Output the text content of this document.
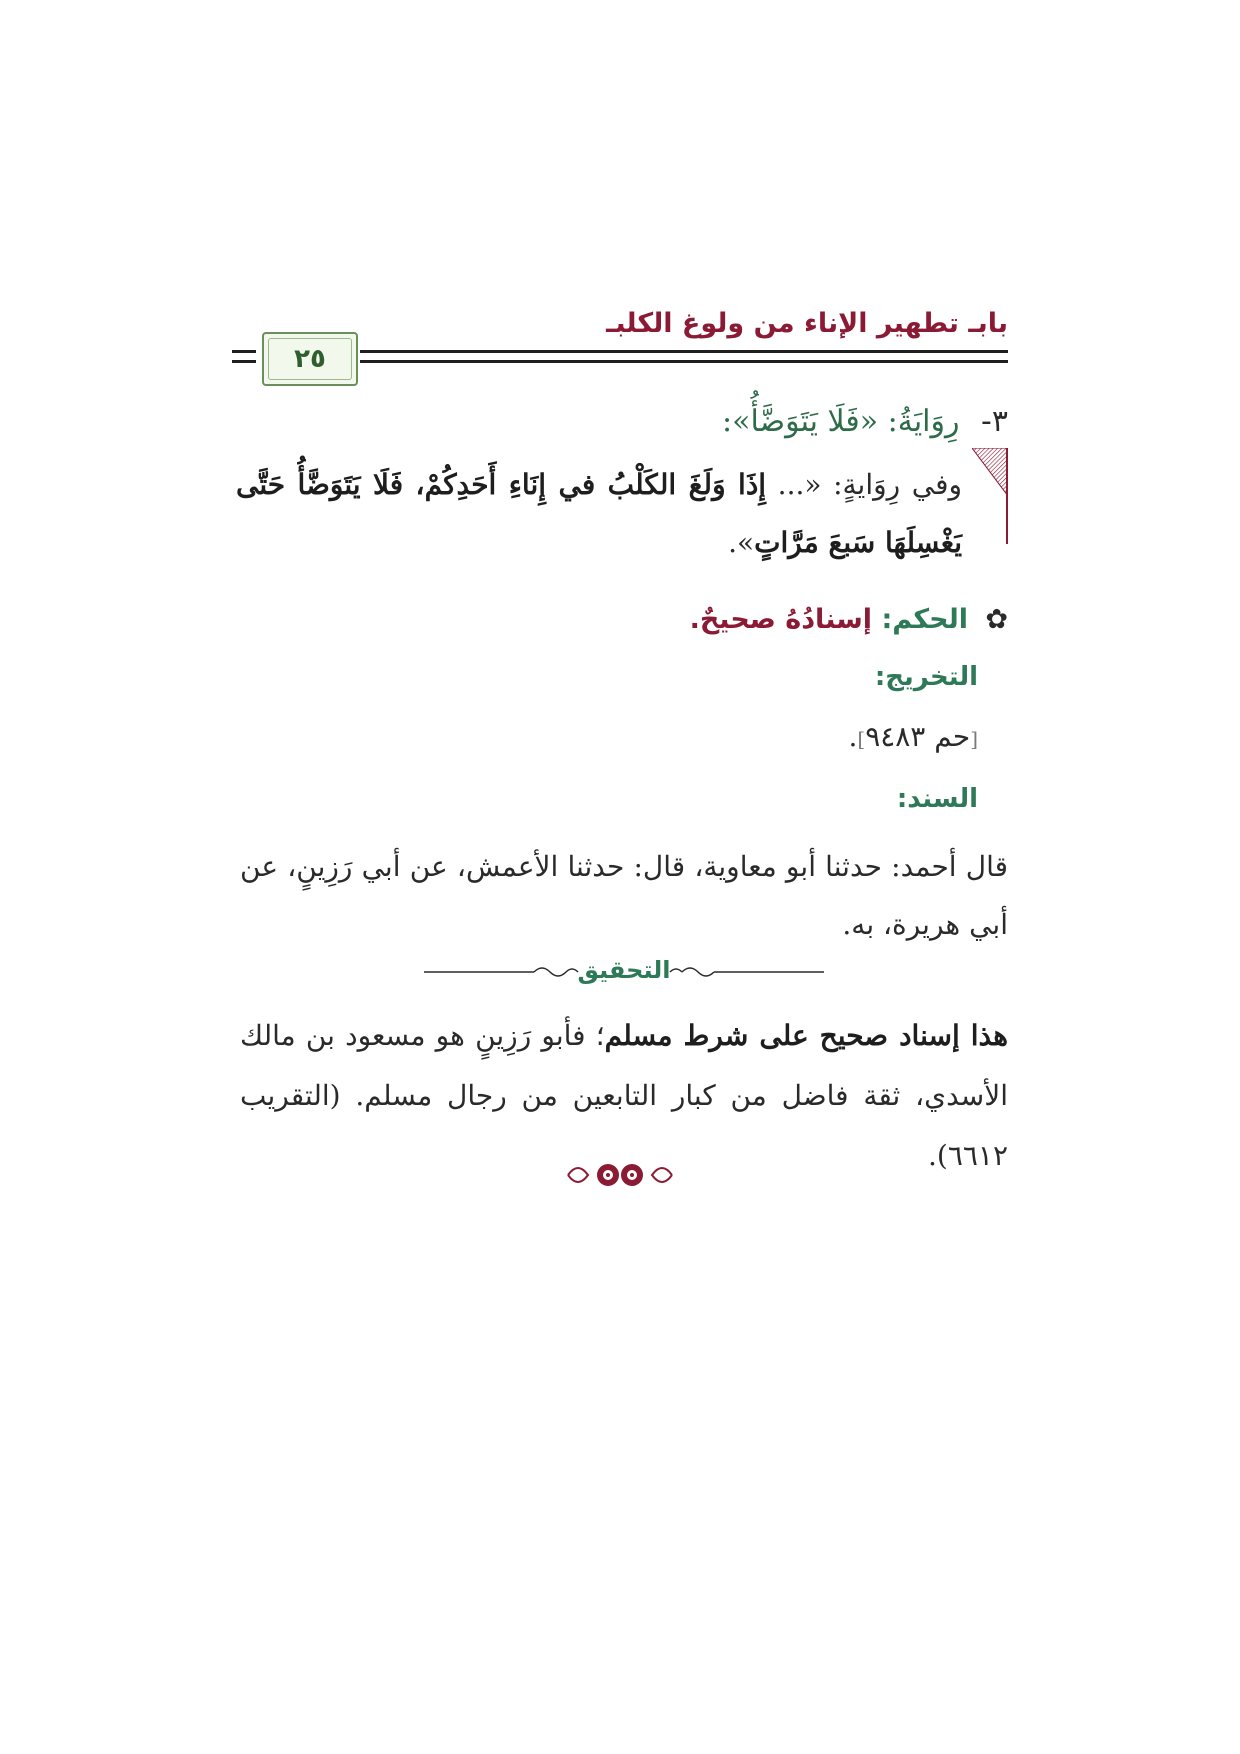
بابـ تطهير الإناء من ولوغ الكلبـ
٢٥
٣- رِوَايَةُ: «فَلَا يَتَوَضَّأُ»:
وفي رِوَايةٍ: «... إِذَا وَلَغَ الكَلْبُ في إِنَاءِ أَحَدِكُمْ، فَلَا يَتَوَضَّأُ حَتَّى يَغْسِلَهَا سَبعَ مَرَّاتٍ».
✿ الحكم: إسنادُهُ صحيحٌ.
التخريج:
[حم ٩٤٨٣].
السند:
قال أحمد: حدثنا أبو معاوية، قال: حدثنا الأعمش، عن أبي رَزِينٍ، عن أبي هريرة، به.
التحقيق
هذا إسناد صحيح على شرط مسلم؛ فأبو رَزِينٍ هو مسعود بن مالك الأسدي، ثقة فاضل من كبار التابعين من رجال مسلم. (التقريب ٦٦١٢).
